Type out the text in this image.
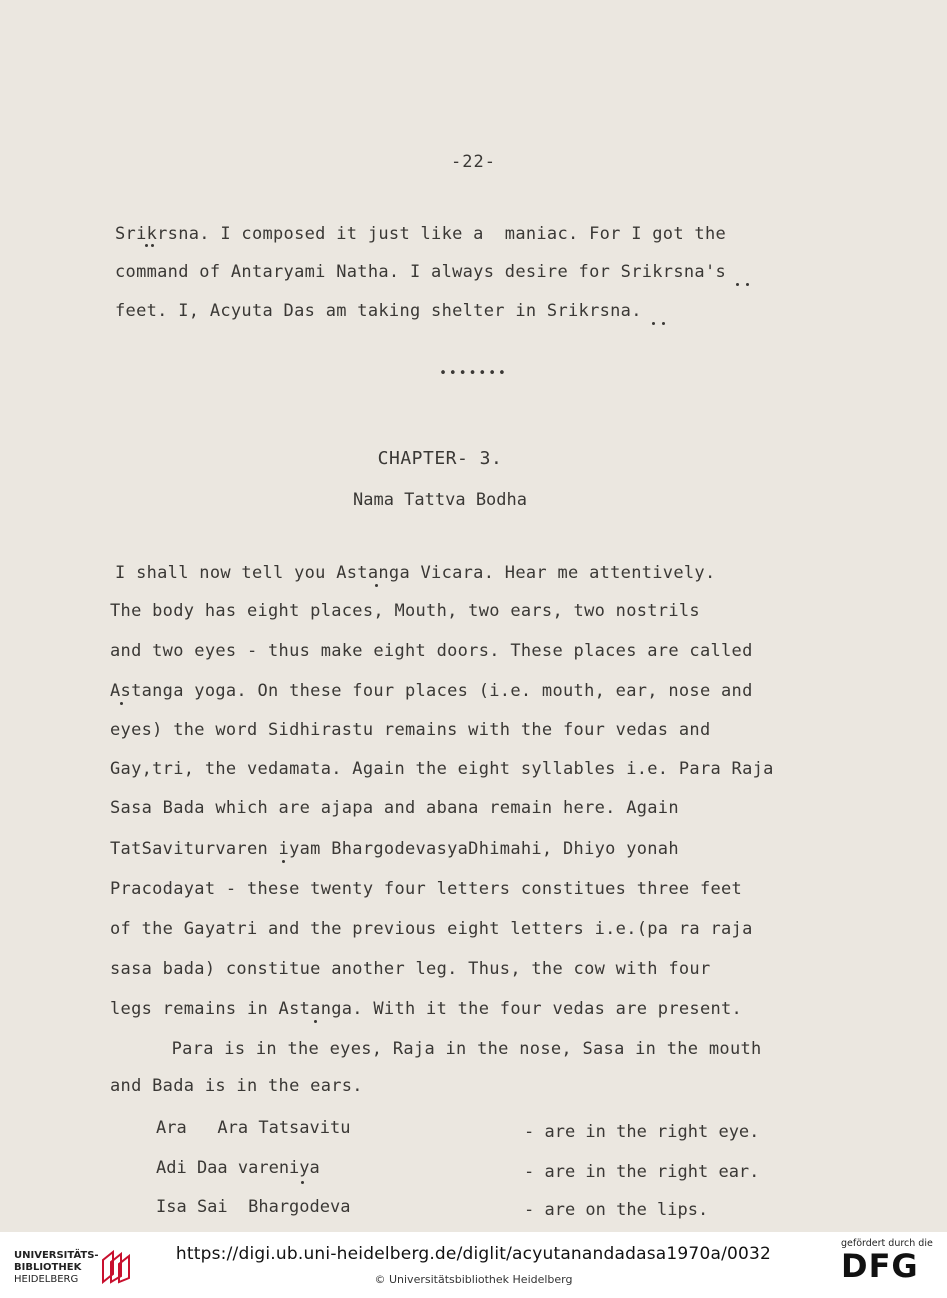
-22-
Srikrsna. I composed it just like a  maniac. For I got the
command of Antaryami Natha. I always desire for Srikrsna's
feet. I, Acyuta Das am taking shelter in Srikrsna.
•••••••
CHAPTER- 3.
Nama Tattva Bodha
I shall now tell you Astanga Vicara. Hear me attentively.
The body has eight places, Mouth, two ears, two nostrils
and two eyes - thus make eight doors. These places are called
Astanga yoga. On these four places (i.e. mouth, ear, nose and
eyes) the word Sidhirastu remains with the four vedas and
Gay,tri, the vedamata. Again the eight syllables i.e. Para Raja
Sasa Bada which are ajapa and abana remain here. Again
TatSaviturvaren iyam BhargodevasyaDhimahi, Dhiyo yonah
Pracodayat - these twenty four letters constitues three feet
of the Gayatri and the previous eight letters i.e.(pa ra raja
sasa bada) constitue another leg. Thus, the cow with four
legs remains in Astanga. With it the four vedas are present.
Para is in the eyes, Raja in the nose, Sasa in the mouth
and Bada is in the ears.
Ara   Ara Tatsavitu	- are in the right eye.
Adi Daa vareniya	- are in the right ear.
Isa Sai  Bhargodeva	- are on the lips.
UNIVERSITÄTS-
BIBLIOTHEK
HEIDELBERG
https://digi.ub.uni-heidelberg.de/diglit/acyutanandadasa1970a/0032
© Universitätsbibliothek Heidelberg
gefördert durch die
DFG
